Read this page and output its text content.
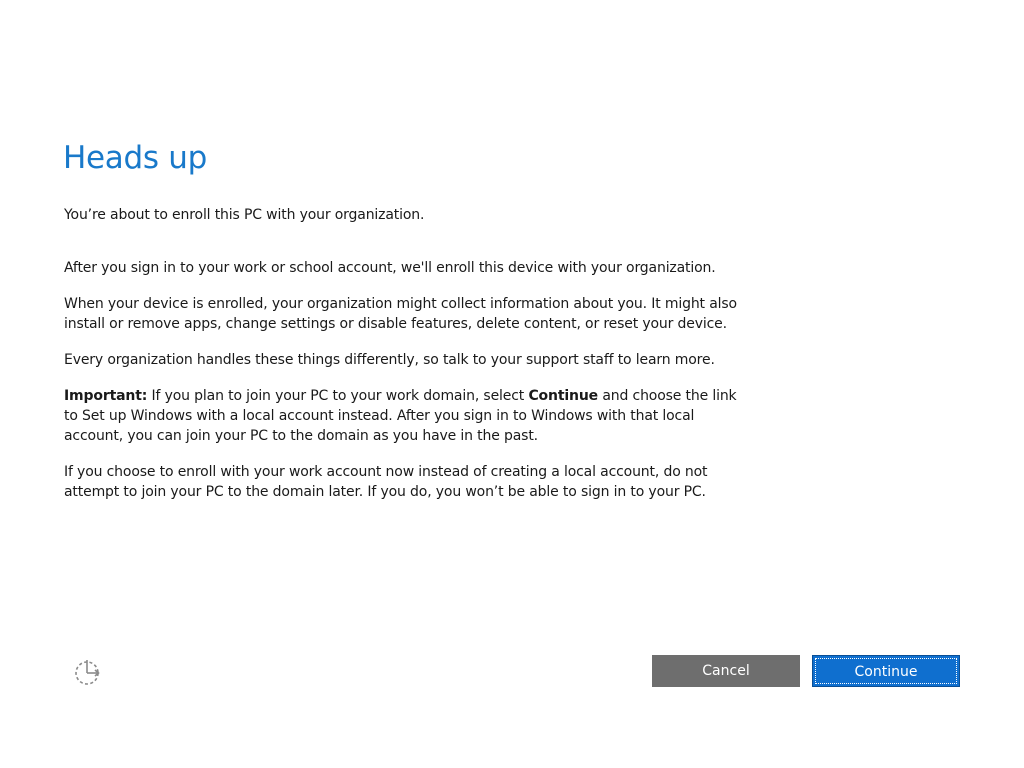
Heads up

You’re about to enroll this PC with your organization.

After you sign in to your work or school account, we'll enroll this device with your organization.

When your device is enrolled, your organization might collect information about you. It might also install or remove apps, change settings or disable features, delete content, or reset your device.

Every organization handles these things differently, so talk to your support staff to learn more.

Important: If you plan to join your PC to your work domain, select Continue and choose the link to Set up Windows with a local account instead. After you sign in to Windows with that local account, you can join your PC to the domain as you have in the past.

If you choose to enroll with your work account now instead of creating a local account, do not attempt to join your PC to the domain later. If you do, you won’t be able to sign in to your PC.

Cancel	Continue
